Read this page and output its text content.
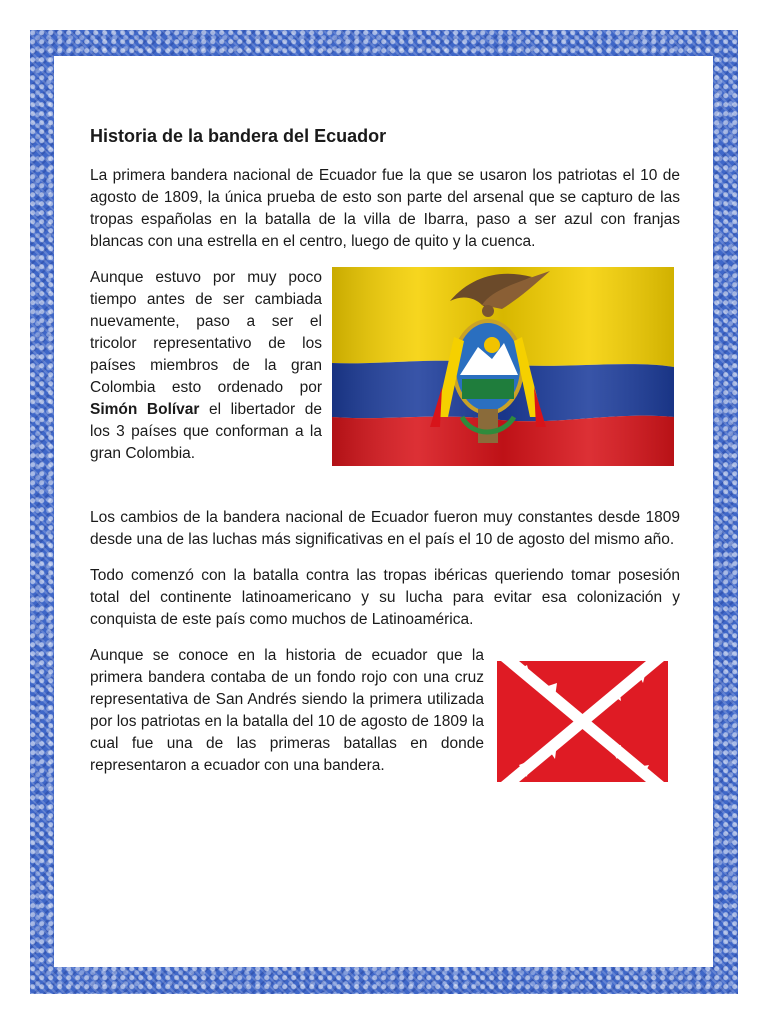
Historia de la bandera del Ecuador

La primera bandera nacional de Ecuador fue la que se usaron los patriotas el 10 de agosto de 1809, la única prueba de esto son parte del arsenal que se capturo de las tropas españolas en la batalla de la villa de Ibarra, paso a ser azul con franjas blancas con una estrella en el centro, luego de quito y la cuenca.

Aunque estuvo por muy poco tiempo antes de ser cambiada nuevamente, paso a ser el tricolor representativo de los países miembros de la gran Colombia esto ordenado por Simón Bolívar el libertador de los 3 países que conforman a la gran Colombia.

Los cambios de la bandera nacional de Ecuador fueron muy constantes desde 1809 desde una de las luchas más significativas en el país el 10 de agosto del mismo año.

Todo comenzó con la batalla contra las tropas ibéricas queriendo tomar posesión total del continente latinoamericano y su lucha para evitar esa colonización y conquista de este país como muchos de Latinoamérica.

Aunque se conoce en la historia de ecuador que la primera bandera contaba de un fondo rojo con una cruz representativa de San Andrés siendo la primera utilizada por los patriotas en la batalla del 10 de agosto de 1809 la cual fue una de las primeras batallas en donde representaron a ecuador con una bandera.
